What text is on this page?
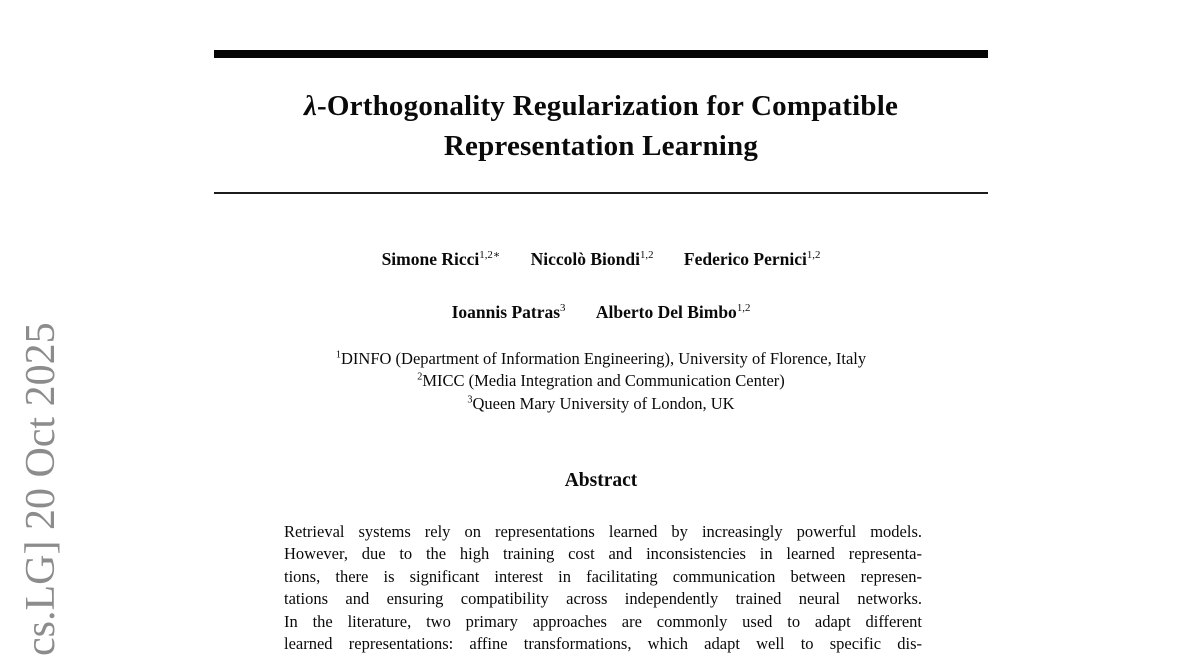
cs.LG] 20 Oct 2025
λ-Orthogonality Regularization for Compatible
Representation Learning
Simone Ricci$^{1,2∗}$ Niccolò Biondi$^{1,2}$ Federico Pernici$^{1,2}$
Ioannis Patras$^3$ Alberto Del Bimbo$^{1,2}$
$^1$DINFO (Department of Information Engineering), University of Florence, Italy
$^2$MICC (Media Integration and Communication Center)
$^3$Queen Mary University of London, UK
Abstract
Retrieval systems rely on representations learned by increasingly powerful models.
However, due to the high training cost and inconsistencies in learned representa-
tions, there is significant interest in facilitating communication between represen-
tations and ensuring compatibility across independently trained neural networks.
In the literature, two primary approaches are commonly used to adapt different
learned representations: affine transformations, which adapt well to specific dis-
